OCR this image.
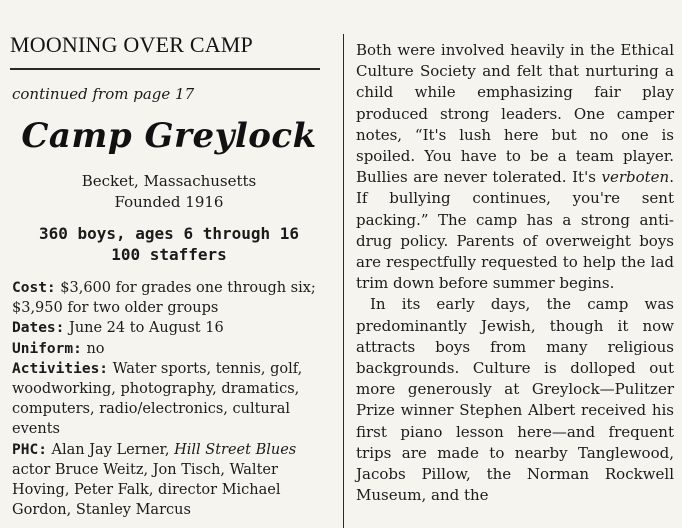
MOONING OVER CAMP
continued from page 17
Camp Greylock
Becket, Massachusetts
Founded 1916
360 boys, ages 6 through 16
100 staffers

Cost: $3,600 for grades one through six; $3,950 for two older groups

Dates: June 24 to August 16

Uniform: no

Activities: Water sports, tennis, golf, woodworking, photography, dramatics, computers, radio/electronics, cultural events

PHC: Alan Jay Lerner, Hill Street Blues actor Bruce Weitz, Jon Tisch, Walter Hoving, Peter Falk, director Michael Gordon, Stanley Marcus

Both were involved heavily in the Ethical Culture Society and felt that nurturing a child while emphasizing fair play produced strong leaders. One camper notes, “It's lush here but no one is spoiled. You have to be a team player. Bullies are never tolerated. It's verboten. If bullying continues, you're sent packing.” The camp has a strong anti-drug policy. Parents of overweight boys are respectfully requested to help the lad trim down before summer begins.

In its early days, the camp was predominantly Jewish, though it now attracts boys from many religious backgrounds. Culture is dolloped out more generously at Greylock—Pulitzer Prize winner Stephen Albert received his first piano lesson here—and frequent trips are made to nearby Tanglewood, Jacobs Pillow, the Norman Rockwell Museum, and the
